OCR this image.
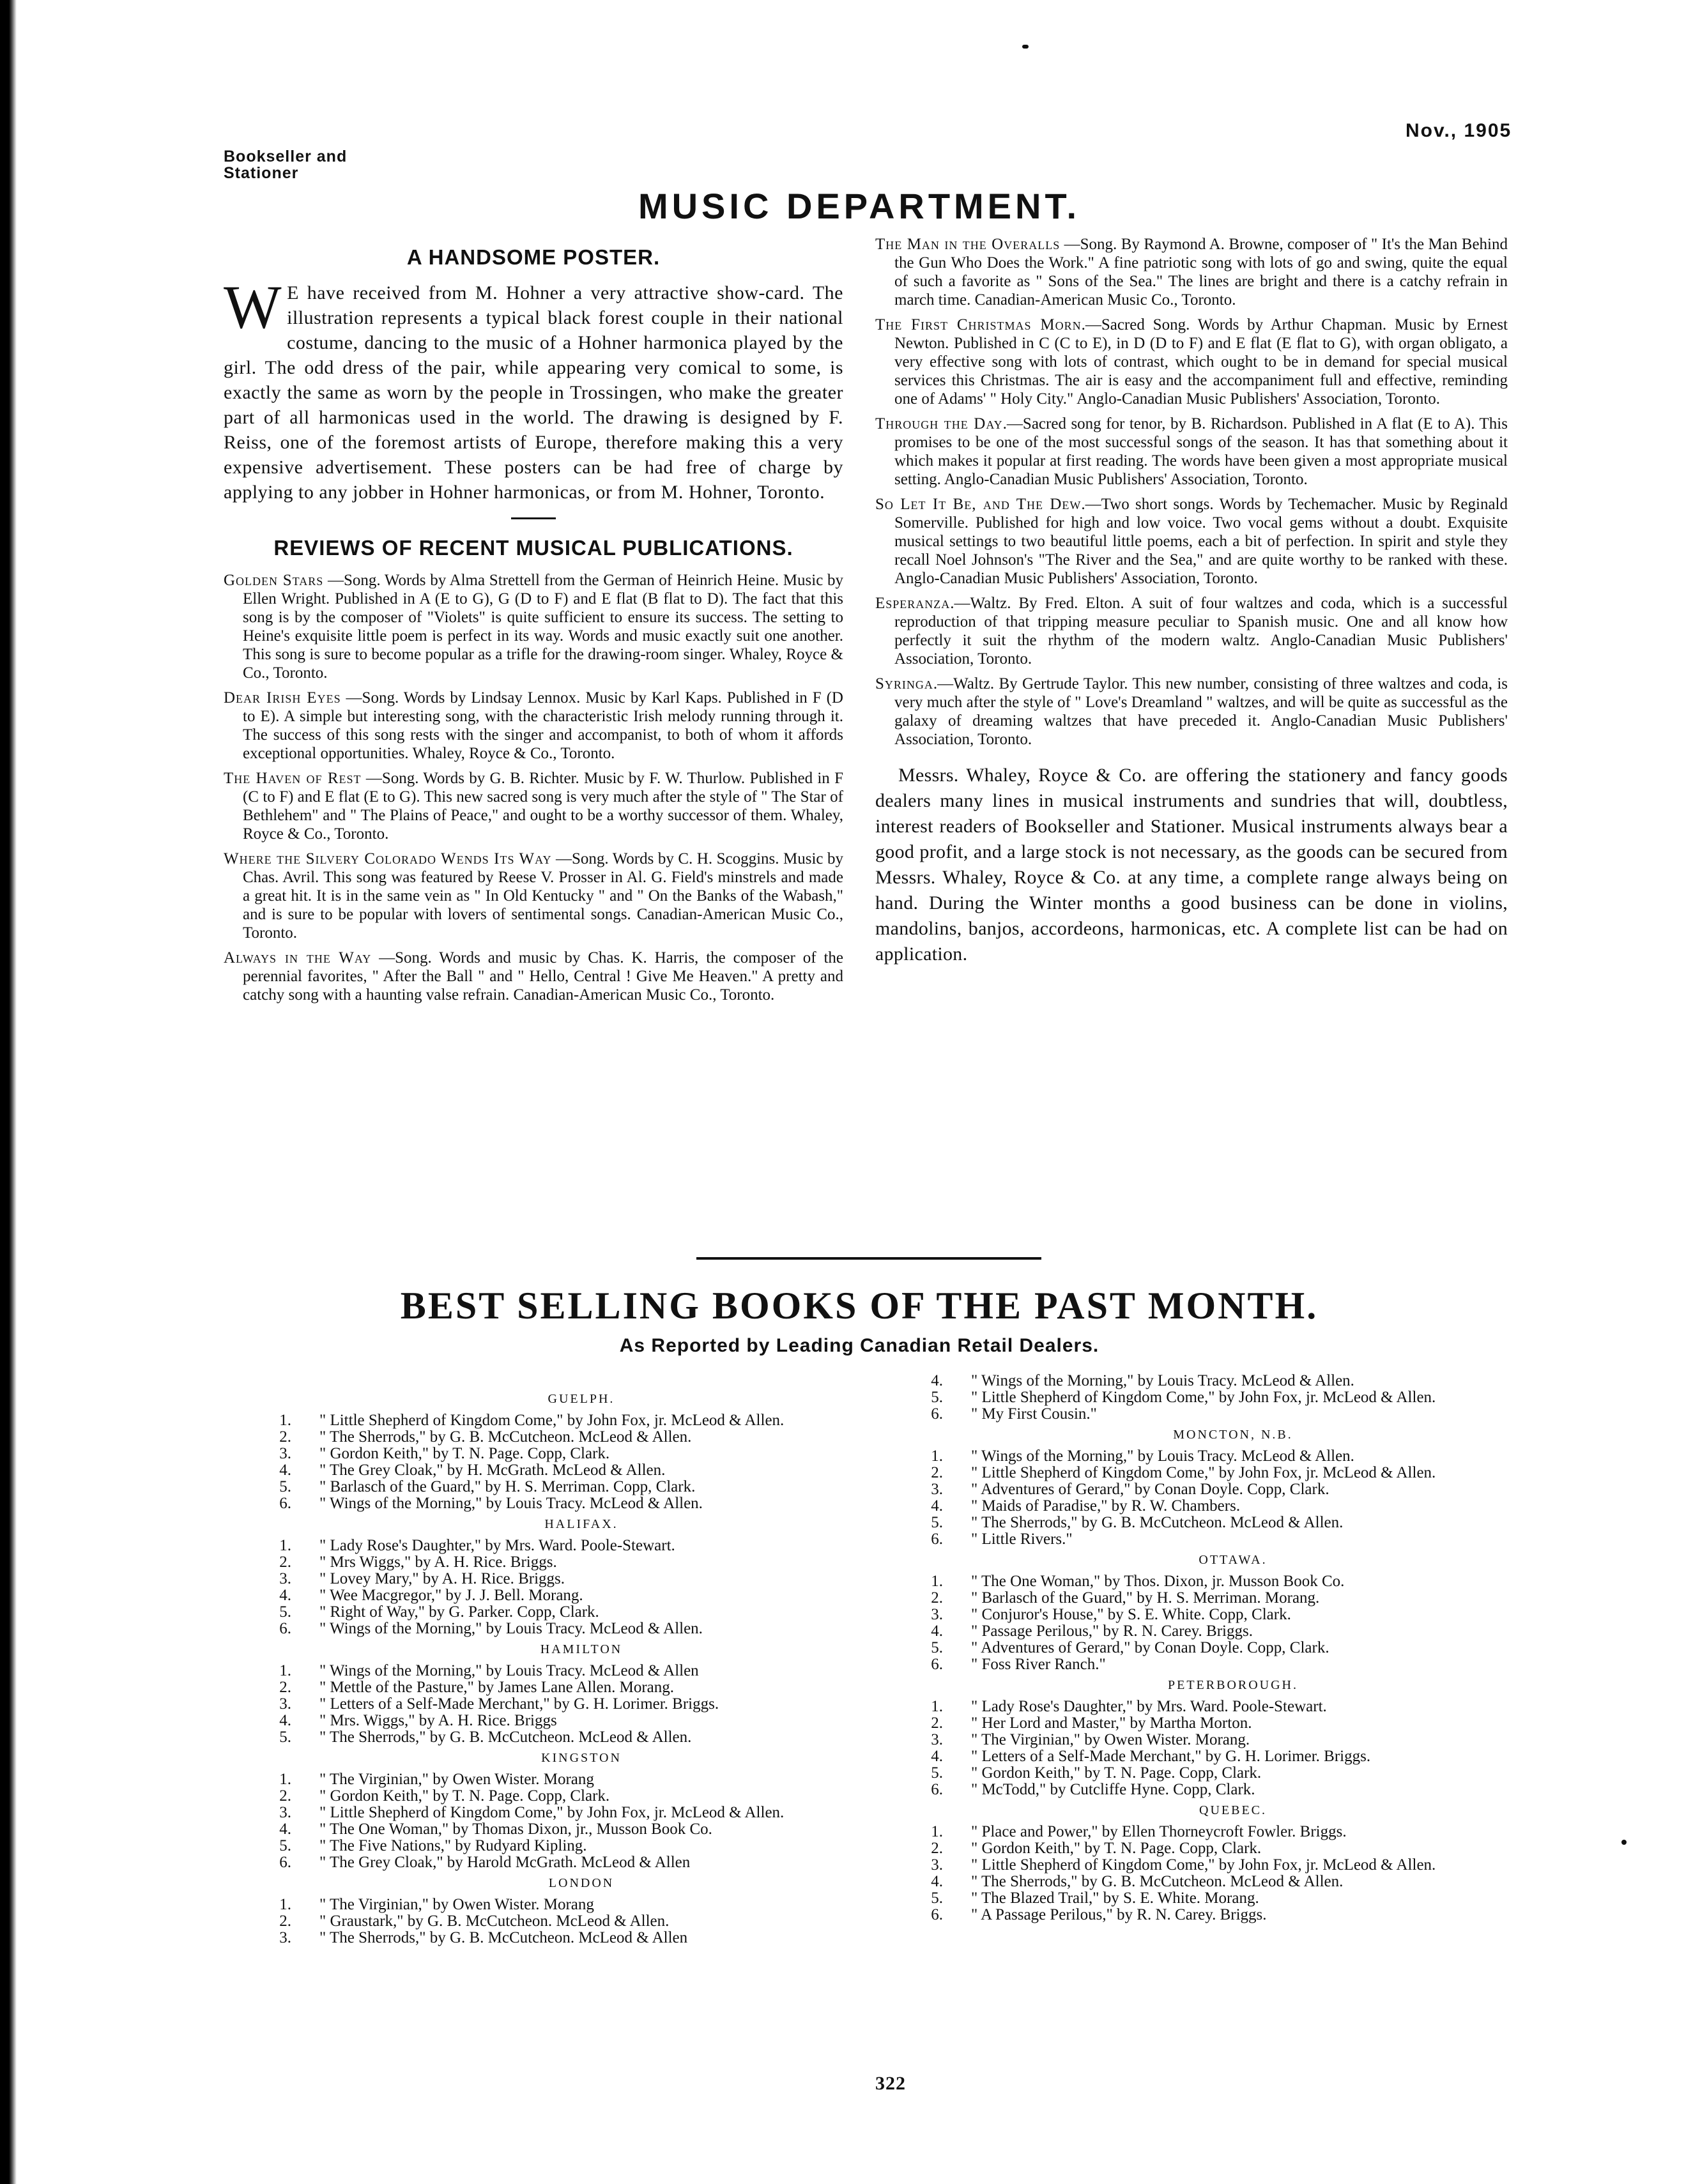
Bookseller and
Stationer
Nov., 1905
MUSIC DEPARTMENT.
A HANDSOME POSTER.

WE have received from M. Hohner a very attractive show-card. The illustration represents a typical black forest couple in their national costume, dancing to the music of a Hohner harmonica played by the girl. The odd dress of the pair, while appearing very comical to some, is exactly the same as worn by the people in Trossingen, who make the greater part of all harmonicas used in the world. The drawing is designed by F. Reiss, one of the foremost artists of Europe, therefore making this a very expensive advertisement. These posters can be had free of charge by applying to any jobber in Hohner harmonicas, or from M. Hohner, Toronto.

REVIEWS OF RECENT MUSICAL PUBLICATIONS.

Golden Stars —Song. Words by Alma Strettell from the German of Heinrich Heine. Music by Ellen Wright. Published in A (E to G), G (D to F) and E flat (B flat to D). The fact that this song is by the composer of "Violets" is quite sufficient to ensure its success. The setting to Heine's exquisite little poem is perfect in its way. Words and music exactly suit one another. This song is sure to become popular as a trifle for the drawing-room singer. Whaley, Royce & Co., Toronto.

Dear Irish Eyes —Song. Words by Lindsay Lennox. Music by Karl Kaps. Published in F (D to E). A simple but interesting song, with the characteristic Irish melody running through it. The success of this song rests with the singer and accompanist, to both of whom it affords exceptional opportunities. Whaley, Royce & Co., Toronto.

The Haven of Rest —Song. Words by G. B. Richter. Music by F. W. Thurlow. Published in F (C to F) and E flat (E to G). This new sacred song is very much after the style of " The Star of Bethlehem" and " The Plains of Peace," and ought to be a worthy successor of them. Whaley, Royce & Co., Toronto.

Where the Silvery Colorado Wends Its Way —Song. Words by C. H. Scoggins. Music by Chas. Avril. This song was featured by Reese V. Prosser in Al. G. Field's minstrels and made a great hit. It is in the same vein as " In Old Kentucky " and " On the Banks of the Wabash," and is sure to be popular with lovers of sentimental songs. Canadian-American Music Co., Toronto.

Always in the Way —Song. Words and music by Chas. K. Harris, the composer of the perennial favorites, " After the Ball " and " Hello, Central ! Give Me Heaven." A pretty and catchy song with a haunting valse refrain. Canadian-American Music Co., Toronto.

The Man in the Overalls —Song. By Raymond A. Browne, composer of " It's the Man Behind the Gun Who Does the Work." A fine patriotic song with lots of go and swing, quite the equal of such a favorite as " Sons of the Sea." The lines are bright and there is a catchy refrain in march time. Canadian-American Music Co., Toronto.

The First Christmas Morn.—Sacred Song. Words by Arthur Chapman. Music by Ernest Newton. Published in C (C to E), in D (D to F) and E flat (E flat to G), with organ obligato, a very effective song with lots of contrast, which ought to be in demand for special musical services this Christmas. The air is easy and the accompaniment full and effective, reminding one of Adams' " Holy City." Anglo-Canadian Music Publishers' Association, Toronto.

Through the Day.—Sacred song for tenor, by B. Richardson. Published in A flat (E to A). This promises to be one of the most successful songs of the season. It has that something about it which makes it popular at first reading. The words have been given a most appropriate musical setting. Anglo-Canadian Music Publishers' Association, Toronto.

So Let It Be, and The Dew.—Two short songs. Words by Techemacher. Music by Reginald Somerville. Published for high and low voice. Two vocal gems without a doubt. Exquisite musical settings to two beautiful little poems, each a bit of perfection. In spirit and style they recall Noel Johnson's "The River and the Sea," and are quite worthy to be ranked with these. Anglo-Canadian Music Publishers' Association, Toronto.

Esperanza.—Waltz. By Fred. Elton. A suit of four waltzes and coda, which is a successful reproduction of that tripping measure peculiar to Spanish music. One and all know how perfectly it suit the rhythm of the modern waltz. Anglo-Canadian Music Publishers' Association, Toronto.

Syringa.—Waltz. By Gertrude Taylor. This new number, consisting of three waltzes and coda, is very much after the style of " Love's Dreamland " waltzes, and will be quite as successful as the galaxy of dreaming waltzes that have preceded it. Anglo-Canadian Music Publishers' Association, Toronto.

Messrs. Whaley, Royce & Co. are offering the stationery and fancy goods dealers many lines in musical instruments and sundries that will, doubtless, interest readers of Bookseller and Stationer. Musical instruments always bear a good profit, and a large stock is not necessary, as the goods can be secured from Messrs. Whaley, Royce & Co. at any time, a complete range always being on hand. During the Winter months a good business can be done in violins, mandolins, banjos, accordeons, harmonicas, etc. A complete list can be had on application.

BEST SELLING BOOKS OF THE PAST MONTH.
As Reported by Leading Canadian Retail Dealers.
GUELPH.
1. " Little Shepherd of Kingdom Come," by John Fox, jr. McLeod & Allen.
2. " The Sherrods," by G. B. McCutcheon. McLeod & Allen.
3. " Gordon Keith," by T. N. Page. Copp, Clark.
4. " The Grey Cloak," by H. McGrath. McLeod & Allen.
5. " Barlasch of the Guard," by H. S. Merriman. Copp, Clark.
6. " Wings of the Morning," by Louis Tracy. McLeod & Allen.
HALIFAX.
1. " Lady Rose's Daughter," by Mrs. Ward. Poole-Stewart.
2. " Mrs Wiggs," by A. H. Rice. Briggs.
3. " Lovey Mary," by A. H. Rice. Briggs.
4. " Wee Macgregor," by J. J. Bell. Morang.
5. " Right of Way," by G. Parker. Copp, Clark.
6. " Wings of the Morning," by Louis Tracy. McLeod & Allen.
HAMILTON
1. " Wings of the Morning," by Louis Tracy. McLeod & Allen
2. " Mettle of the Pasture," by James Lane Allen. Morang.
3. " Letters of a Self-Made Merchant," by G. H. Lorimer. Briggs.
4. " Mrs. Wiggs," by A. H. Rice. Briggs
5. " The Sherrods," by G. B. McCutcheon. McLeod & Allen.
KINGSTON
1. " The Virginian," by Owen Wister. Morang
2. " Gordon Keith," by T. N. Page. Copp, Clark.
3. " Little Shepherd of Kingdom Come," by John Fox, jr. McLeod & Allen.
4. " The One Woman," by Thomas Dixon, jr., Musson Book Co.
5. " The Five Nations," by Rudyard Kipling.
6. " The Grey Cloak," by Harold McGrath. McLeod & Allen
LONDON
1. " The Virginian," by Owen Wister. Morang
2. " Graustark," by G. B. McCutcheon. McLeod & Allen.
3. " The Sherrods," by G. B. McCutcheon. McLeod & Allen
4. " Wings of the Morning," by Louis Tracy. McLeod & Allen.
5. " Little Shepherd of Kingdom Come," by John Fox, jr. McLeod & Allen.
6. " My First Cousin."
MONCTON, N.B.
1. " Wings of the Morning," by Louis Tracy. McLeod & Allen.
2. " Little Shepherd of Kingdom Come," by John Fox, jr. McLeod & Allen.
3. " Adventures of Gerard," by Conan Doyle. Copp, Clark.
4. " Maids of Paradise," by R. W. Chambers.
5. " The Sherrods," by G. B. McCutcheon. McLeod & Allen.
6. " Little Rivers."
OTTAWA.
1. " The One Woman," by Thos. Dixon, jr. Musson Book Co.
2. " Barlasch of the Guard," by H. S. Merriman. Morang.
3. " Conjuror's House," by S. E. White. Copp, Clark.
4. " Passage Perilous," by R. N. Carey. Briggs.
5. " Adventures of Gerard," by Conan Doyle. Copp, Clark.
6. " Foss River Ranch."
PETERBOROUGH.
1. " Lady Rose's Daughter," by Mrs. Ward. Poole-Stewart.
2. " Her Lord and Master," by Martha Morton.
3. " The Virginian," by Owen Wister. Morang.
4. " Letters of a Self-Made Merchant," by G. H. Lorimer. Briggs.
5. " Gordon Keith," by T. N. Page. Copp, Clark.
6. " McTodd," by Cutcliffe Hyne. Copp, Clark.
QUEBEC.
1. " Place and Power," by Ellen Thorneycroft Fowler. Briggs.
2. " Gordon Keith," by T. N. Page. Copp, Clark.
3. " Little Shepherd of Kingdom Come," by John Fox, jr. McLeod & Allen.
4. " The Sherrods," by G. B. McCutcheon. McLeod & Allen.
5. " The Blazed Trail," by S. E. White. Morang.
6. " A Passage Perilous," by R. N. Carey. Briggs.
322
